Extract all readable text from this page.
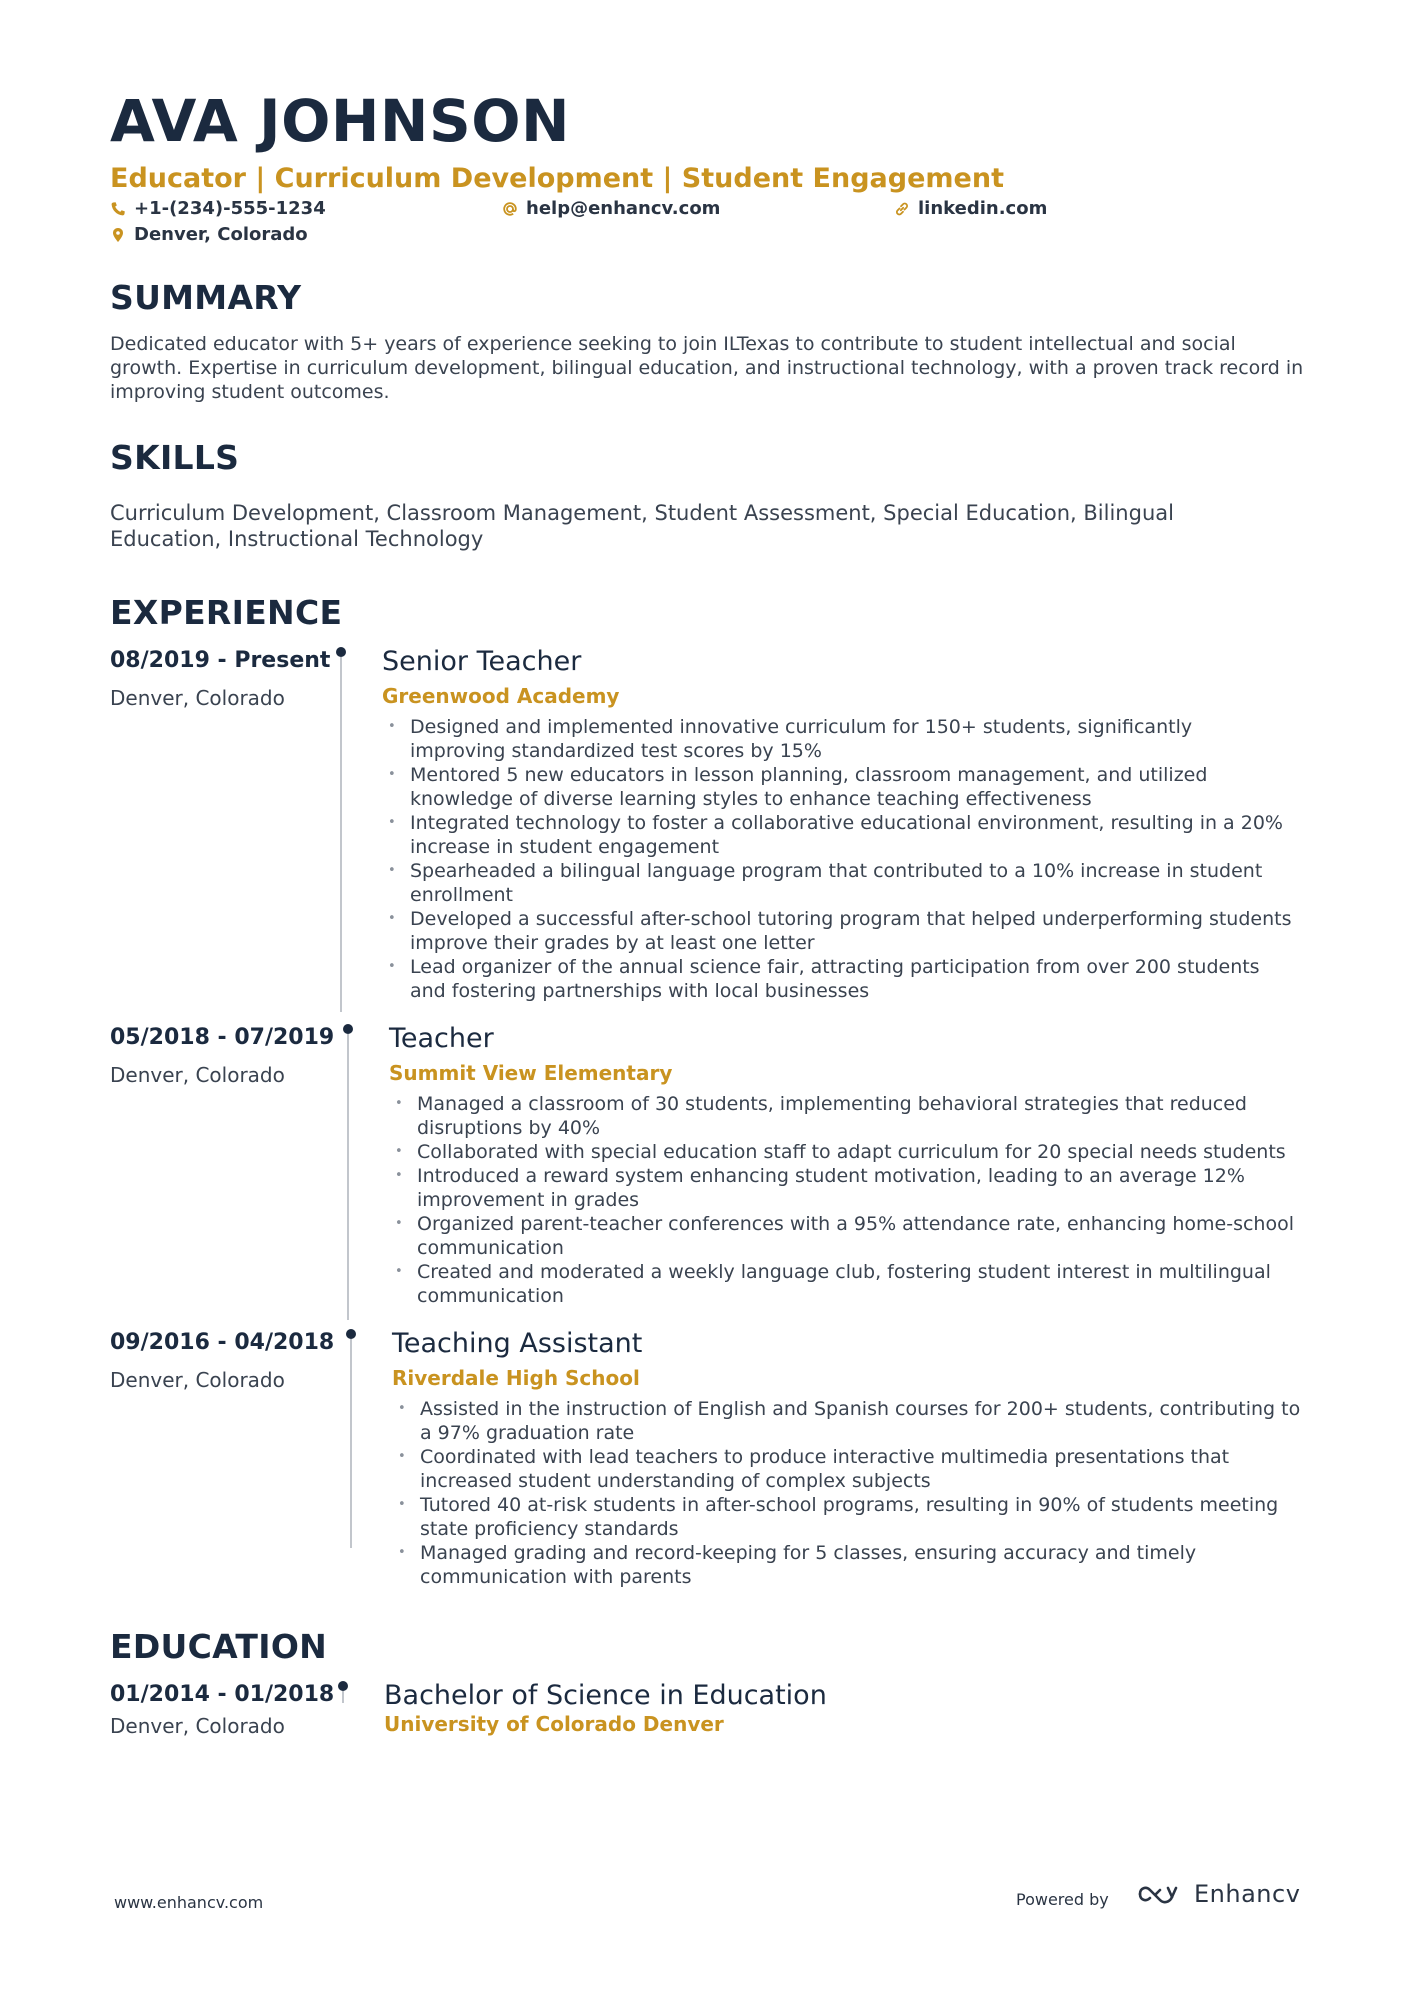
AVA JOHNSON
Educator | Curriculum Development | Student Engagement
+1-(234)-555-1234	help@enhancv.com	linkedin.com
Denver, Colorado
SUMMARY
Dedicated educator with 5+ years of experience seeking to join ILTexas to contribute to student intellectual and social growth. Expertise in curriculum development, bilingual education, and instructional technology, with a proven track record in improving student outcomes.
SKILLS
Curriculum Development, Classroom Management, Student Assessment, Special Education, Bilingual Education, Instructional Technology
EXPERIENCE
08/2019 - Present
Denver, Colorado
Senior Teacher
Greenwood Academy
• Designed and implemented innovative curriculum for 150+ students, significantly improving standardized test scores by 15%
• Mentored 5 new educators in lesson planning, classroom management, and utilized knowledge of diverse learning styles to enhance teaching effectiveness
• Integrated technology to foster a collaborative educational environment, resulting in a 20% increase in student engagement
• Spearheaded a bilingual language program that contributed to a 10% increase in student enrollment
• Developed a successful after-school tutoring program that helped underperforming students improve their grades by at least one letter
• Lead organizer of the annual science fair, attracting participation from over 200 students and fostering partnerships with local businesses
05/2018 - 07/2019
Denver, Colorado
Teacher
Summit View Elementary
• Managed a classroom of 30 students, implementing behavioral strategies that reduced disruptions by 40%
• Collaborated with special education staff to adapt curriculum for 20 special needs students
• Introduced a reward system enhancing student motivation, leading to an average 12% improvement in grades
• Organized parent-teacher conferences with a 95% attendance rate, enhancing home-school communication
• Created and moderated a weekly language club, fostering student interest in multilingual communication
09/2016 - 04/2018
Denver, Colorado
Teaching Assistant
Riverdale High School
• Assisted in the instruction of English and Spanish courses for 200+ students, contributing to a 97% graduation rate
• Coordinated with lead teachers to produce interactive multimedia presentations that increased student understanding of complex subjects
• Tutored 40 at-risk students in after-school programs, resulting in 90% of students meeting state proficiency standards
• Managed grading and record-keeping for 5 classes, ensuring accuracy and timely communication with parents
EDUCATION
01/2014 - 01/2018
Denver, Colorado
Bachelor of Science in Education
University of Colorado Denver
www.enhancv.com	Powered by	Enhancv
